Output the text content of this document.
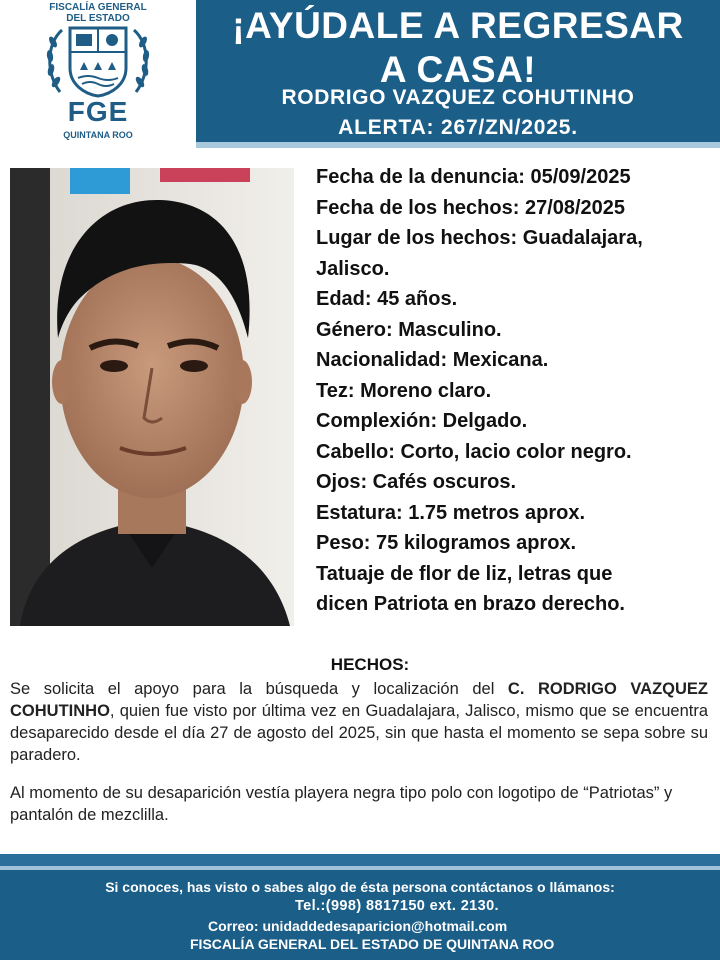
FISCALÍA GENERAL
DEL ESTADO
FGE
QUINTANA ROO
¡AYÚDALE A REGRESAR
A CASA!
RODRIGO VAZQUEZ COHUTINHO
ALERTA: 267/ZN/2025.
Fecha de la denuncia: 05/09/2025
Fecha de los hechos: 27/08/2025
Lugar de los hechos: Guadalajara,
Jalisco.
Edad: 45 años.
Género: Masculino.
Nacionalidad: Mexicana.
Tez: Moreno claro.
Complexión: Delgado.
Cabello: Corto, lacio color negro.
Ojos: Cafés oscuros.
Estatura: 1.75 metros aprox.
Peso: 75 kilogramos aprox.
Tatuaje de flor de liz, letras que
dicen Patriota en brazo derecho.
HECHOS:

Se solicita el apoyo para la búsqueda y localización del C. RODRIGO VAZQUEZ COHUTINHO, quien fue visto por última vez en Guadalajara, Jalisco, mismo que se encuentra desaparecido desde el día 27 de agosto del 2025, sin que hasta el momento se sepa sobre su paradero.

Al momento de su desaparición vestía playera negra tipo polo con logotipo de “Patriotas” y pantalón de mezclilla.

Si conoces, has visto o sabes algo de ésta persona contáctanos o llámanos:
Tel.:(998) 8817150 ext. 2130.
Correo: unidaddedesaparicion@hotmail.com
FISCALÍA GENERAL DEL ESTADO DE QUINTANA ROO
